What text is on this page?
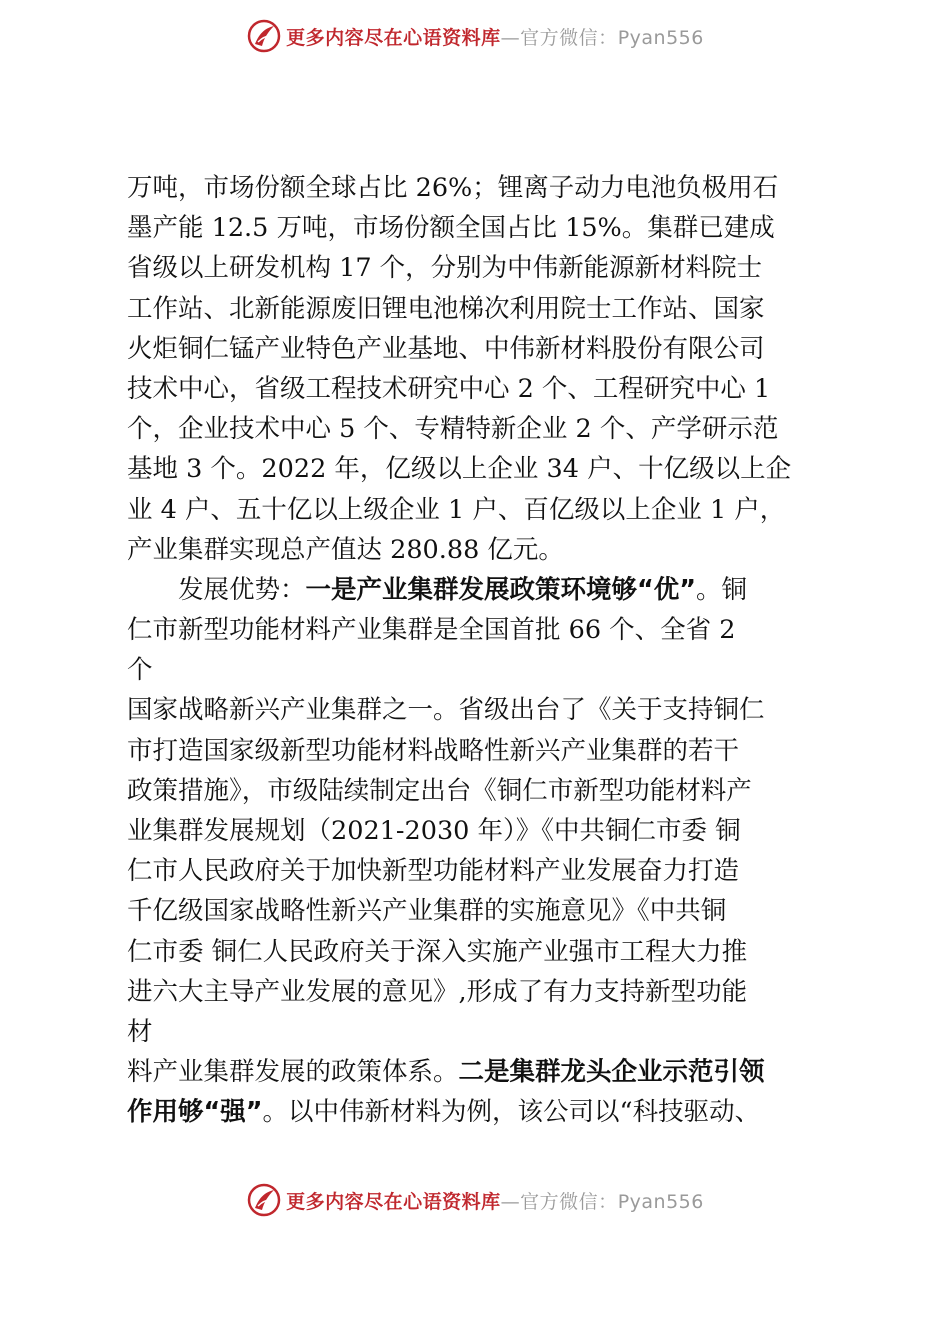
更多内容尽在心语资料库—官方微信：Pyan556
万吨，市场份额全球占比 26%；锂离子动力电池负极用石
墨产能 12.5 万吨，市场份额全国占比 15%。集群已建成
省级以上研发机构 17 个，分别为中伟新能源新材料院士
工作站、北新能源废旧锂电池梯次利用院士工作站、国家
火炬铜仁锰产业特色产业基地、中伟新材料股份有限公司
技术中心，省级工程技术研究中心 2 个、工程研究中心 1
个，企业技术中心 5 个、专精特新企业 2 个、产学研示范
基地 3 个。2022 年，亿级以上企业 34 户、十亿级以上企
业 4 户、五十亿以上级企业 1 户、百亿级以上企业 1 户，
产业集群实现总产值达 280.88 亿元。
　　发展优势：一是产业集群发展政策环境够“优”。铜
仁市新型功能材料产业集群是全国首批 66 个、全省 2
个
国家战略新兴产业集群之一。省级出台了《关于支持铜仁
市打造国家级新型功能材料战略性新兴产业集群的若干
政策措施》，市级陆续制定出台《铜仁市新型功能材料产
业集群发展规划（2021-2030 年）》《中共铜仁市委 铜
仁市人民政府关于加快新型功能材料产业发展奋力打造
千亿级国家战略性新兴产业集群的实施意见》《中共铜
仁市委 铜仁人民政府关于深入实施产业强市工程大力推
进六大主导产业发展的意见》,形成了有力支持新型功能
材
料产业集群发展的政策体系。二是集群龙头企业示范引领
作用够“强”。以中伟新材料为例，该公司以“科技驱动、
更多内容尽在心语资料库—官方微信：Pyan556
